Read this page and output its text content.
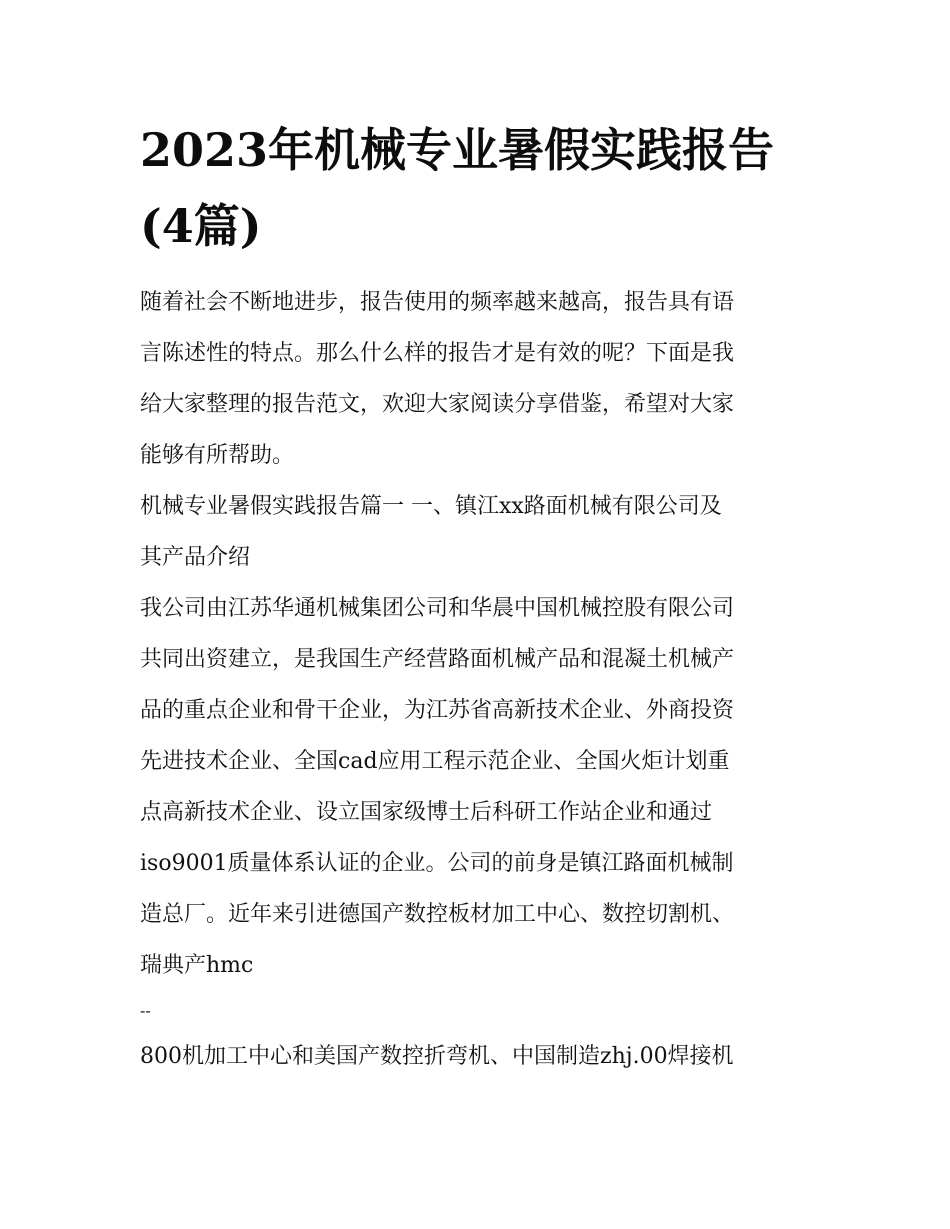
2023年机械专业暑假实践报告
(4篇)
随着社会不断地进步，报告使用的频率越来越高，报告具有语
言陈述性的特点。那么什么样的报告才是有效的呢？下面是我
给大家整理的报告范文，欢迎大家阅读分享借鉴，希望对大家
能够有所帮助。
机械专业暑假实践报告篇一 一、镇江xx路面机械有限公司及
其产品介绍
我公司由江苏华通机械集团公司和华晨中国机械控股有限公司
共同出资建立，是我国生产经营路面机械产品和混凝土机械产
品的重点企业和骨干企业，为江苏省高新技术企业、外商投资
先进技术企业、全国cad应用工程示范企业、全国火炬计划重
点高新技术企业、设立国家级博士后科研工作站企业和通过
iso9001质量体系认证的企业。公司的前身是镇江路面机械制
造总厂。近年来引进德国产数控板材加工中心、数控切割机、
瑞典产hmc
--
800机加工中心和美国产数控折弯机、中国制造zhj.00焊接机
